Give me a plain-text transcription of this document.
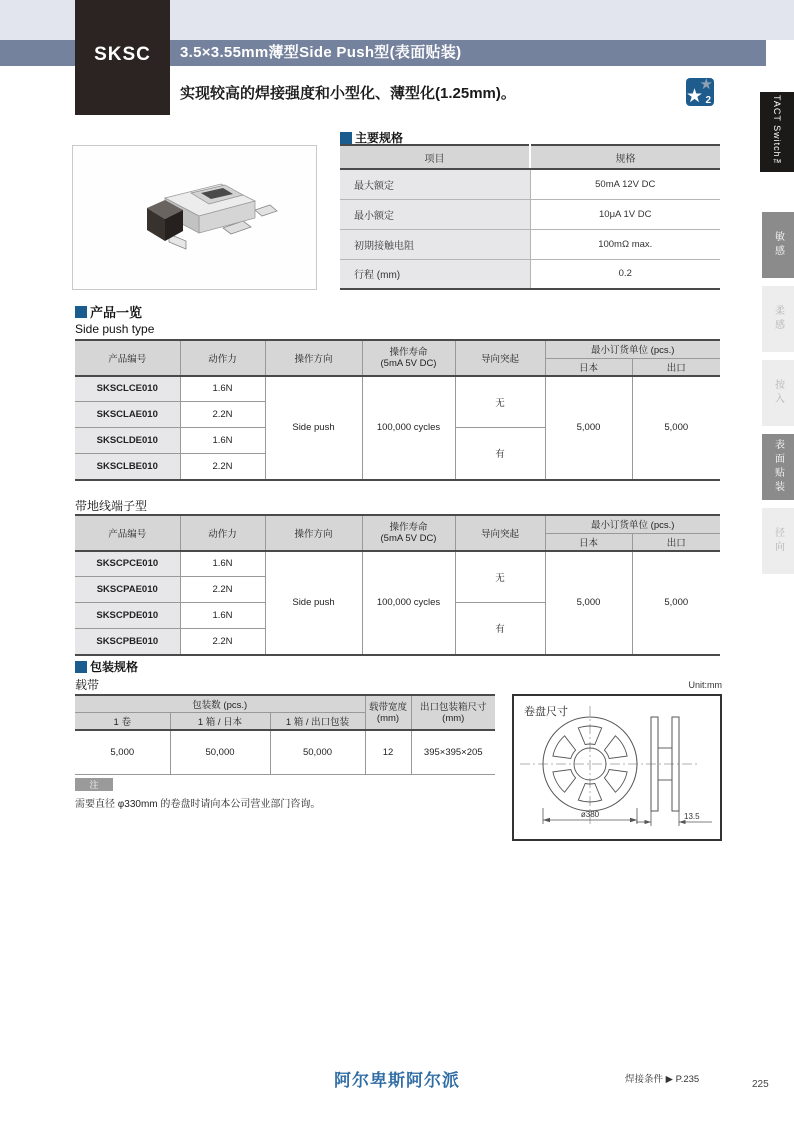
3.5×3.55mm薄型Side Push型(表面贴装)
SKSC
实现较高的焊接强度和小型化、薄型化(1.25mm)。
★
★ 2	TACT Switch™
敏感
柔感
按入
表面贴装
径向
主要规格
项目	规格
最大额定	50mA 12V DC
最小额定	10μA 1V DC
初期接触电阻	100mΩ max.
行程 (mm)	0.2
产品一览
Side push type
产品编号	动作力	操作方向	操作寿命
(5mA 5V DC)	导向突起	最小订货单位 (pcs.)	
					日本	出口
SKSCLCE010	1.6N	Side push	100,000 cycles	无	5,000	5,000
SKSCLAE010	2.2N					
SKSCLDE010	1.6N			有		
SKSCLBE010	2.2N					
带地线端子型
产品编号	动作力	操作方向	操作寿命
(5mA 5V DC)	导向突起	最小订货单位 (pcs.)	
					日本	出口
SKSCPCE010	1.6N	Side push	100,000 cycles	无	5,000	5,000
SKSCPAE010	2.2N					
SKSCPDE010	1.6N			有		
SKSCPBE010	2.2N					
包装规格
载带
包装数 (pcs.)	载带宽度
(mm)

出口包装箱尺寸
(mm)

1 卷	1 箱 / 日本	1 箱 / 出口包装		
5,000	50,000	50,000	12	395×395×205
注
需要直径 φ330mm 的卷盘时请向本公司营业部门咨询。
Unit:mm
ø380	13.5
卷盘尺寸
阿尔卑斯阿尔派	焊接条件 ▶ P.235	225
